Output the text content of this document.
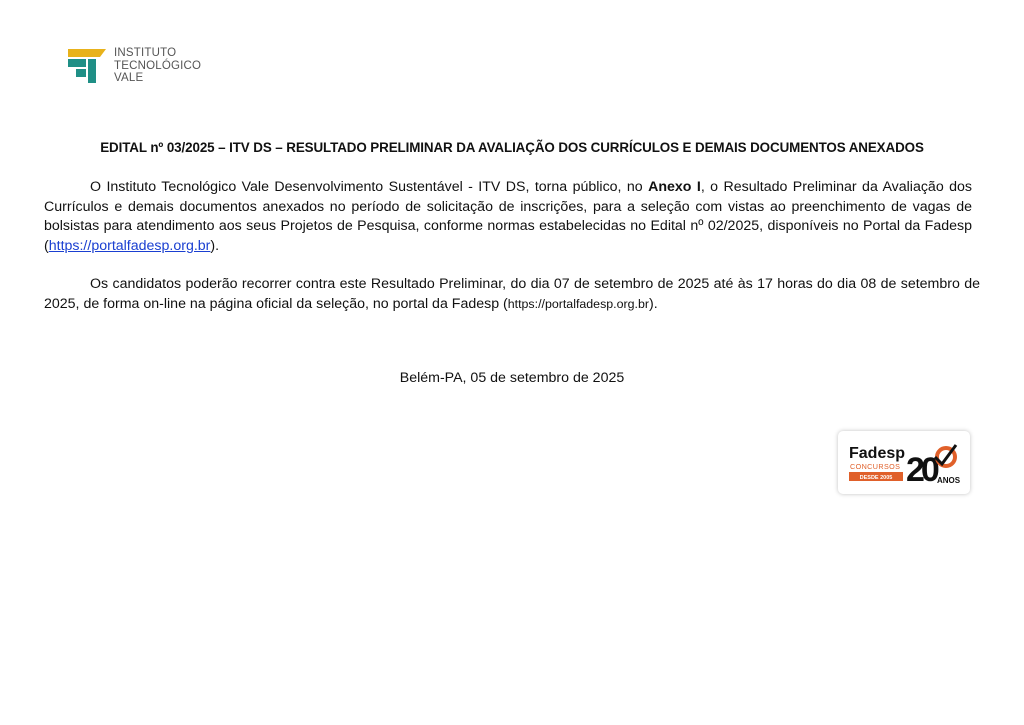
INSTITUTO
TECNOLÓGICO
VALE
EDITAL nº 03/2025 – ITV DS – RESULTADO PRELIMINAR DA AVALIAÇÃO DOS CURRÍCULOS E DEMAIS DOCUMENTOS ANEXADOS
O Instituto Tecnológico Vale Desenvolvimento Sustentável - ITV DS, torna público, no Anexo I, o Resultado Preliminar da Avaliação dos Currículos e demais documentos anexados no período de solicitação de inscrições, para a seleção com vistas ao preenchimento de vagas de bolsistas para atendimento aos seus Projetos de Pesquisa, conforme normas estabelecidas no Edital nº 02/2025, disponíveis no Portal da Fadesp (https://portalfadesp.org.br).
Os candidatos poderão recorrer contra este Resultado Preliminar, do dia 07 de setembro de 2025 até às 17 horas do dia 08 de setembro de 2025, de forma on-line na página oficial da seleção, no portal da Fadesp (https://portalfadesp.org.br).
Belém-PA, 05 de setembro de 2025
Fadesp
CONCURSOS
DESDE 2005 20 ANOS
